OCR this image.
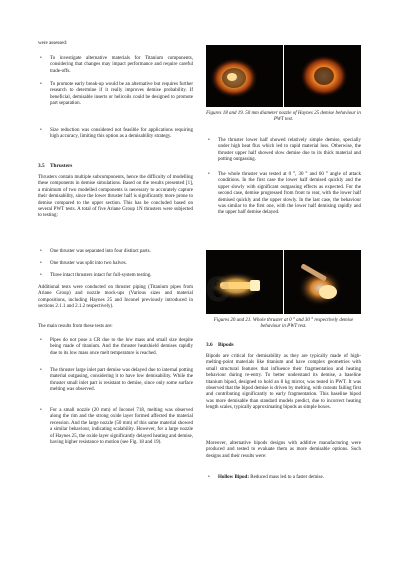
were assessed:

• To investigate alternative materials for Titanium components, considering that changes may impact performance and require careful trade-offs.
• To promote early break-up would be an alternative but requires further research to determine if it really improves demise probability. If beneficial, demisable inserts or helicoils could be designed to promote part separation.
• Size reduction was considered not feasible for applications requiring high accuracy, limiting this option as a demisability strategy.
3.5 Thrusters

Thrusters contain multiple subcomponents, hence the difficulty of modelling these components in demise simulations. Based on the results presented [1], a minimum of two modelled components is necessary to accurately capture their demisability, since the lower thruster half is significantly more prone to demise compared to the upper section. This has be concluded based on several PWT tests. A total of five Ariane Group 1N thrusters were subjected to testing:

• One thruster was separated into four distinct parts.
• One thruster was split into two halves.
• Three intact thrusters intact for full-system testing.

Additional tests were conducted on thruster piping (Titanium pipes from Ariane Group) and nozzle mock-ups (Various sizes and material compositions, including Haynes 25 and Inconel previously introduced in sections 2.1.1 and 2.1.2 respectively).

The main results from these tests are:

• Pipes do not pose a CR due to the low mass and small size despite being made of titanium. And the thruster heatshield demises rapidly due to its low mass once melt temperature is reached.
• The thruster large inlet part demise was delayed due to internal potting material outgasing, considering it to have low demisability. While the thruster small inlet part is resistant to demise, since only some surface melting was observed.
• For a small nozzle (20 mm) of Inconel 718, melting was observed along the rim and the strong oxide layer formed affected the material recession. And the large nozzle (50 mm) of this same material showed a similar behaviour, indicating scalability. However, for a large nozzle of Haynes 25, the oxide layer significantly delayed heating and demise, having higher resistance to motion (see Fig. 18 and 19).

Figures 18 and 19. 50 mm diameter nozzle of Haynes 25 demise behaviour in PWT test.

• The thruster lower half showed relatively simple demise, specially under high heat flux which led to rapid material loss. Otherwise, the thruster upper half showed slow demise due to its thick material and potting outgassing.
• The whole thruster was tested at 0 °, 30 ° and 60 ° angle of attack conditions. In the first case the lower half demised quickly and the upper slowly with significant outgassing effects as expected. For the second case, demise progressed from front to rear, with the lower half demised quickly and the upper slowly. In the last case, the behaviour was similar to the first one, with the lower half demising rapidly and the upper half demise delayed.

Figures 20 and 21. Whole thruster at 0 ° and 30 ° respectively demise behaviour in PWT test.

3.6 Bipods

Bipods are critical for demisability as they are typically made of high-melting-point materials like titanium and have complex geometries with small structural features that influence their fragmentation and heating behaviour during re-entry. To better understand its demise, a baseline titanium bipod, designed to hold an 8 kg mirror, was tested in PWT. It was observed that the bipod demise is driven by melting, with cutouts failing first and contributing significantly to early fragmentation. This baseline bipod was more demisable than standard models predict, due to incorrect heating length scales, typically approximating bipods as simple boxes.

Moreover, alternative bipods designs with additive manufacturing were produced and tested to evaluate them as more demisable options. Such designs and their results were:

• Hollow Bipod: Reduced mass led to a faster demise.
